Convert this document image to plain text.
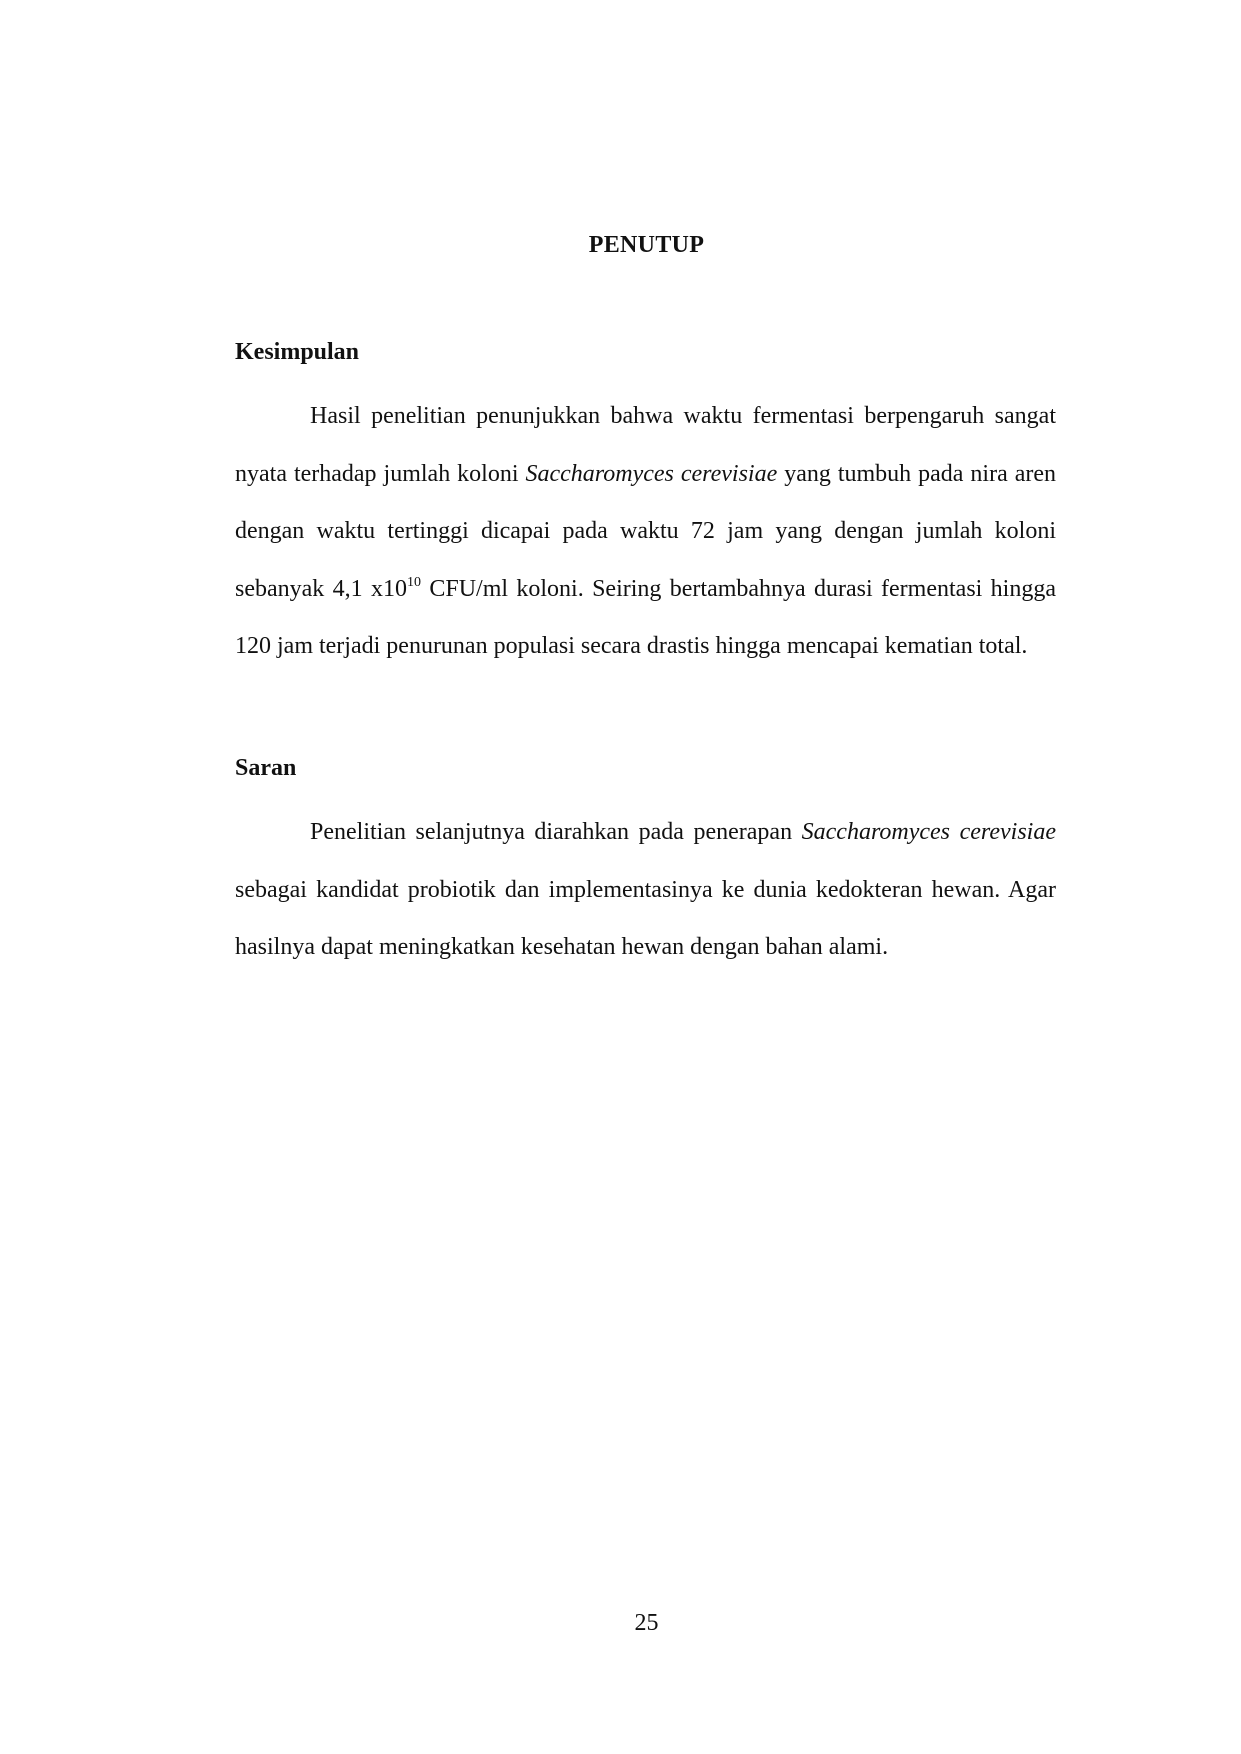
PENUTUP
Kesimpulan

Hasil penelitian penunjukkan bahwa waktu fermentasi berpengaruh sangat nyata terhadap jumlah koloni Saccharomyces cerevisiae yang tumbuh pada nira aren dengan waktu tertinggi dicapai pada waktu 72 jam yang dengan jumlah koloni sebanyak 4,1 $x10^{10}$ CFU/ml koloni. Seiring bertambahnya durasi fermentasi hingga 120 jam terjadi penurunan populasi secara drastis hingga mencapai kematian total.

Saran

Penelitian selanjutnya diarahkan pada penerapan Saccharomyces cerevisiae sebagai kandidat probiotik dan implementasinya ke dunia kedokteran hewan. Agar hasilnya dapat meningkatkan kesehatan hewan dengan bahan alami.

25
